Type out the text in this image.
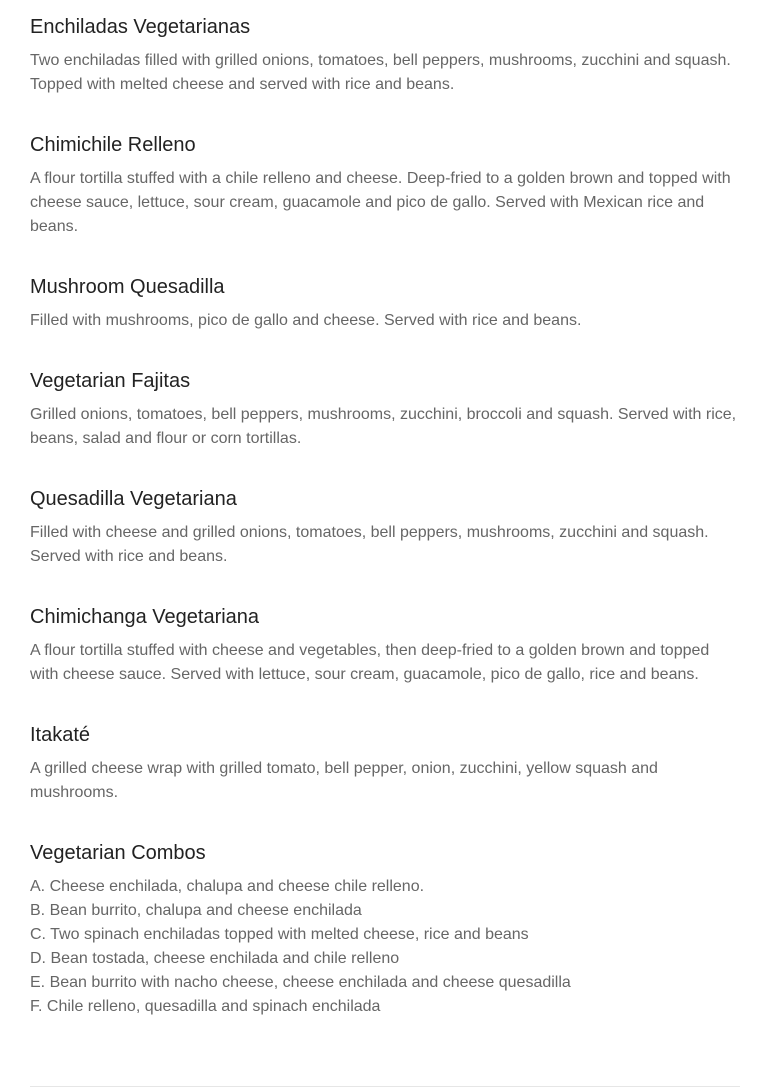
Enchiladas Vegetarianas

Two enchiladas filled with grilled onions, tomatoes, bell peppers, mushrooms, zucchini and squash. Topped with melted cheese and served with rice and beans.

Chimichile Relleno

A flour tortilla stuffed with a chile relleno and cheese. Deep-fried to a golden brown and topped with cheese sauce, lettuce, sour cream, guacamole and pico de gallo. Served with Mexican rice and beans.

Mushroom Quesadilla

Filled with mushrooms, pico de gallo and cheese. Served with rice and beans.

Vegetarian Fajitas

Grilled onions, tomatoes, bell peppers, mushrooms, zucchini, broccoli and squash. Served with rice, beans, salad and flour or corn tortillas.

Quesadilla Vegetariana

Filled with cheese and grilled onions, tomatoes, bell peppers, mushrooms, zucchini and squash. Served with rice and beans.

Chimichanga Vegetariana

A flour tortilla stuffed with cheese and vegetables, then deep-fried to a golden brown and topped with cheese sauce. Served with lettuce, sour cream, guacamole, pico de gallo, rice and beans.

Itakaté

A grilled cheese wrap with grilled tomato, bell pepper, onion, zucchini, yellow squash and mushrooms.

Vegetarian Combos
A. Cheese enchilada, chalupa and cheese chile relleno.
B. Bean burrito, chalupa and cheese enchilada
C. Two spinach enchiladas topped with melted cheese, rice and beans
D. Bean tostada, cheese enchilada and chile relleno
E. Bean burrito with nacho cheese, cheese enchilada and cheese quesadilla
F. Chile relleno, quesadilla and spinach enchilada
